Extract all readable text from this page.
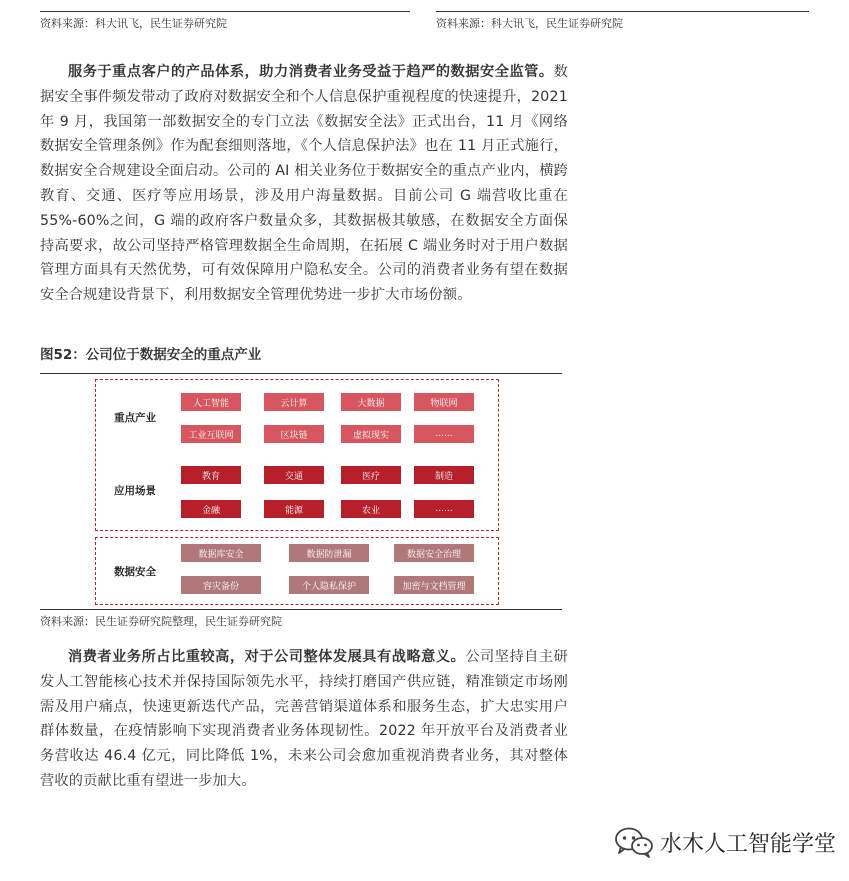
资料来源：科大讯飞，民生证券研究院	资料来源：科大讯飞，民生证券研究院

服务于重点客户的产品体系，助力消费者业务受益于趋严的数据安全监管。数据安全事件频发带动了政府对数据安全和个人信息保护重视程度的快速提升，2021 年 9 月，我国第一部数据安全的专门立法《数据安全法》正式出台，11 月《网络数据安全管理条例》作为配套细则落地，《个人信息保护法》也在 11 月正式施行，数据安全合规建设全面启动。公司的 AI 相关业务位于数据安全的重点产业内，横跨教育、交通、医疗等应用场景，涉及用户海量数据。目前公司 G 端营收比重在 55%-60%之间，G 端的政府客户数量众多，其数据极其敏感，在数据安全方面保持高要求，故公司坚持严格管理数据全生命周期，在拓展 C 端业务时对于用户数据管理方面具有天然优势，可有效保障用户隐私安全。公司的消费者业务有望在数据安全合规建设背景下，利用数据安全管理优势进一步扩大市场份额。

图52：公司位于数据安全的重点产业
重点产业
应用场景
数据安全
人工智能	云计算	大数据	物联网
工业互联网	区块链	虚拟现实	......
教育	交通	医疗	制造
金融	能源	农业	......
数据库安全	数据防泄漏	数据安全治理
容灾备份	个人隐私保护	加密与文档管理
资料来源：民生证券研究院整理，民生证券研究院

消费者业务所占比重较高，对于公司整体发展具有战略意义。公司坚持自主研发人工智能核心技术并保持国际领先水平，持续打磨国产供应链，精准锁定市场刚需及用户痛点，快速更新迭代产品，完善营销渠道体系和服务生态，扩大忠实用户群体数量，在疫情影响下实现消费者业务体现韧性。2022 年开放平台及消费者业务营收达 46.4 亿元，同比降低 1%，未来公司会愈加重视消费者业务，其对整体营收的贡献比重有望进一步加大。

水木人工智能学堂
